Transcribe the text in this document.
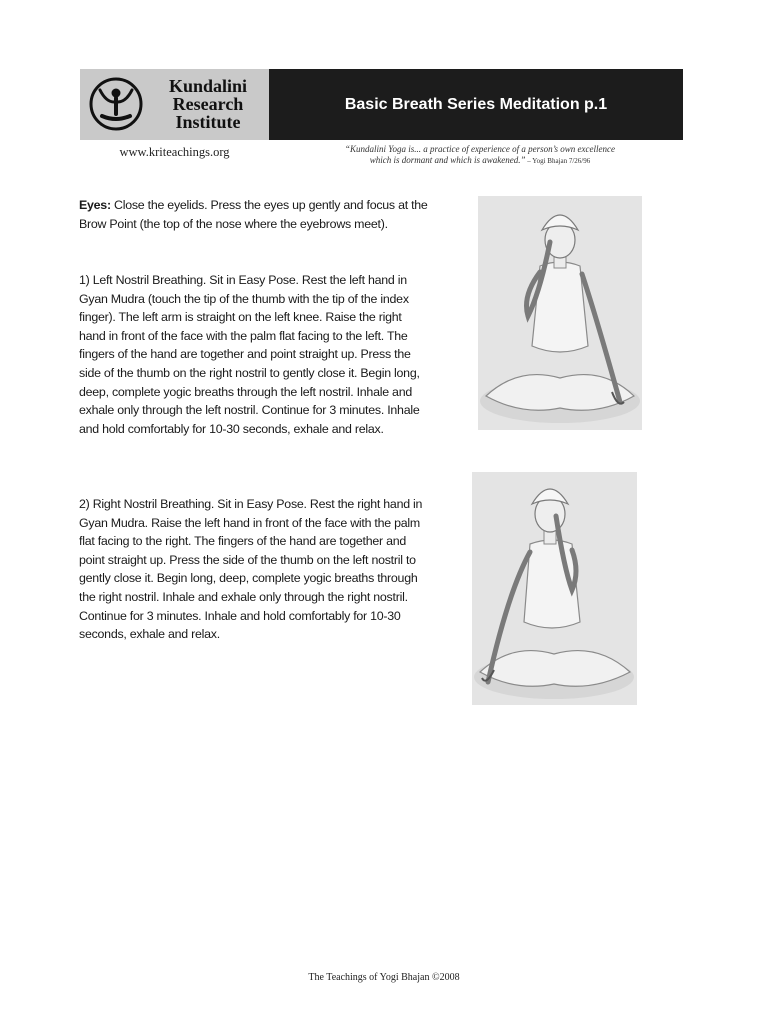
Kundalini
Research
Institute
Basic Breath Series Meditation p.1
www.kriteachings.org	“Kundalini Yoga is... a practice of experience of a person’s own excellence
which is dormant and which is awakened.” – Yogi Bhajan 7/26/96
Eyes: Close the eyelids. Press the eyes up gently and focus at the Brow Point (the top of the nose where the eyebrows meet).
1) Left Nostril Breathing. Sit in Easy Pose. Rest the left hand in Gyan Mudra (touch the tip of the thumb with the tip of the index finger). The left arm is straight on the left knee. Raise the right hand in front of the face with the palm flat facing to the left. The fingers of the hand are together and point straight up. Press the side of the thumb on the right nostril to gently close it. Begin long, deep, complete yogic breaths through the left nostril. Inhale and exhale only through the left nostril. Continue for 3 minutes. Inhale and hold comfortably for 10-30 seconds, exhale and relax.
2) Right Nostril Breathing. Sit in Easy Pose. Rest the right hand in Gyan Mudra. Raise the left hand in front of the face with the palm flat facing to the right. The fingers of the hand are together and point straight up. Press the side of the thumb on the left nostril to gently close it. Begin long, deep, complete yogic breaths through the right nostril. Inhale and exhale only through the right nostril. Continue for 3 minutes. Inhale and hold comfortably for 10-30 seconds, exhale and relax.
The Teachings of Yogi Bhajan ©2008
